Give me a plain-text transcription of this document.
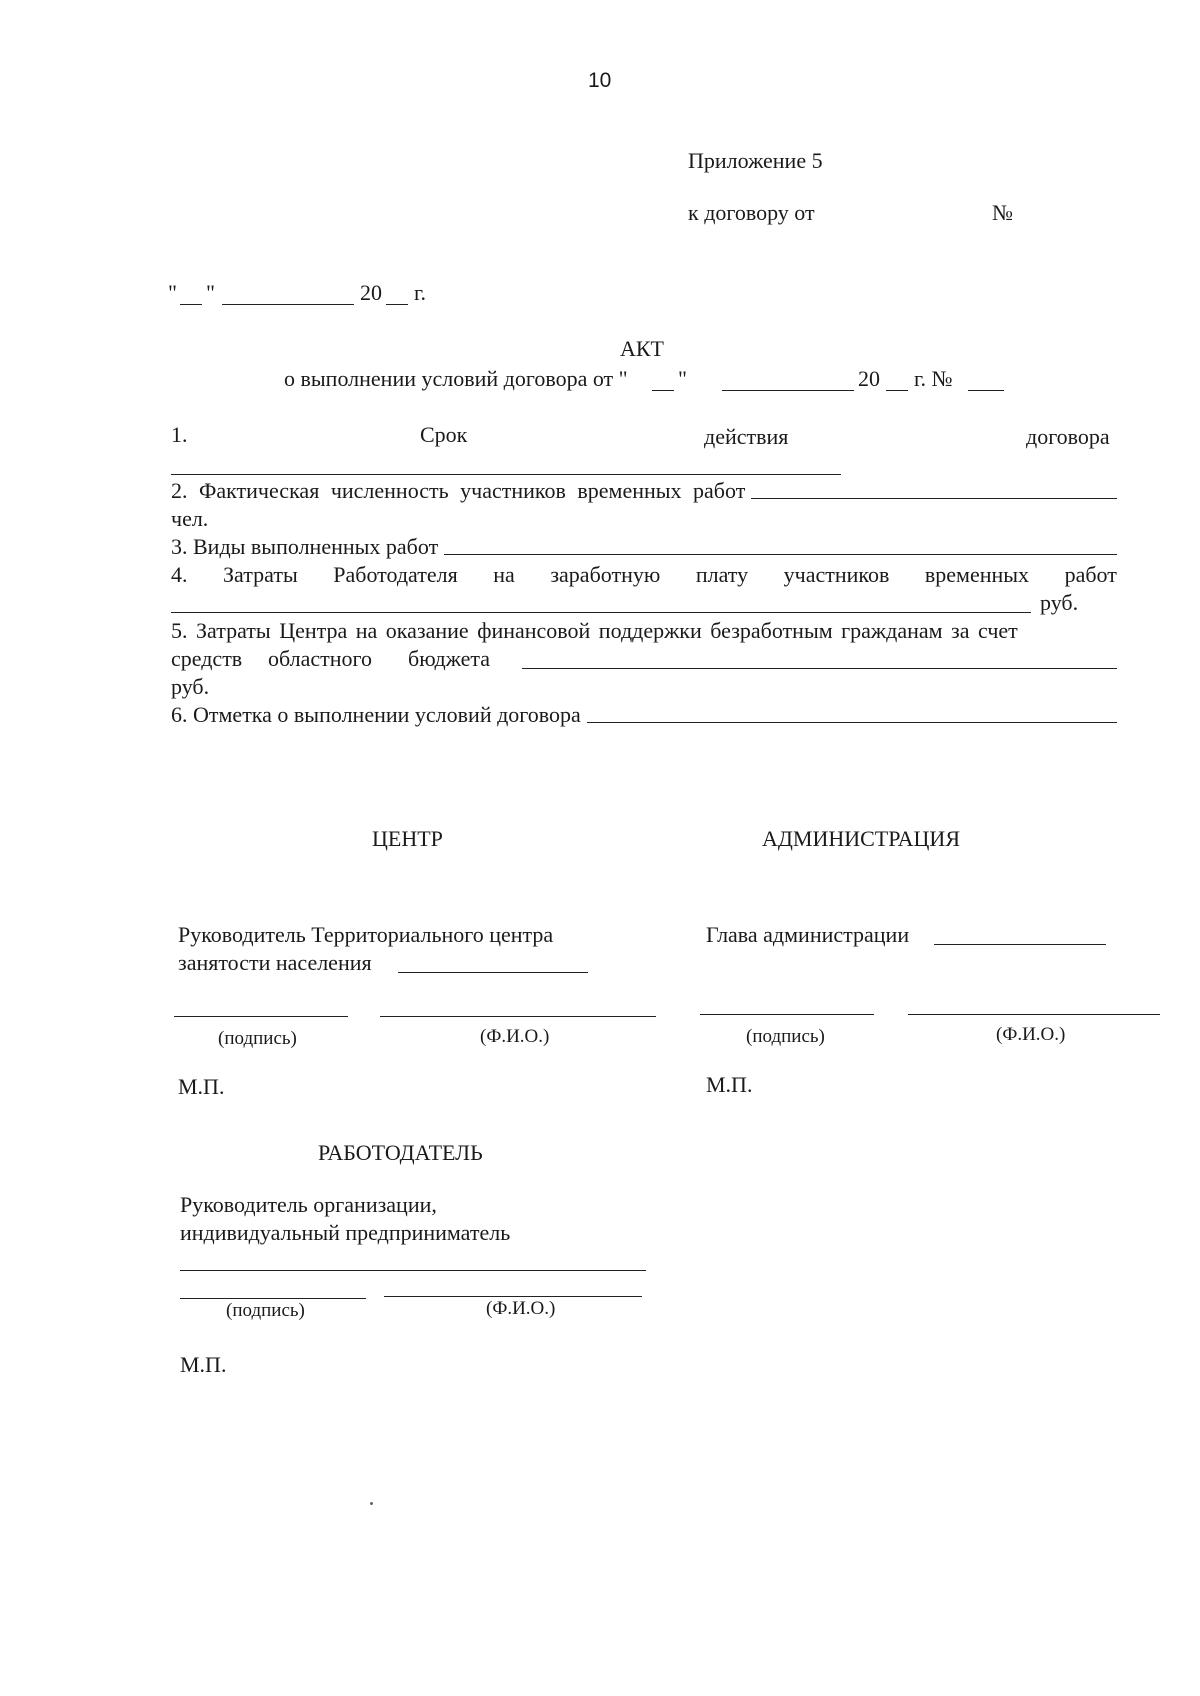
10
Приложение 5
к договору от	№
" "	20 г.
АКТ
о выполнении условий договора от " "	20 г. №
1.	Срок	действия	договора
2. Фактическая численность участников временных работ
чел.
3. Виды выполненных работ
4. Затраты Работодателя на заработную плату участников временных работ
руб.
5. Затраты Центра на оказание финансовой поддержки безработным гражданам за счет
средств областного бюджета
руб.
6. Отметка о выполнении условий договора
ЦЕНТР	АДМИНИСТРАЦИЯ
Руководитель Территориального центра
занятости населения
(подпись)	(Ф.И.О.)
М.П.
Глава администрации
(подпись)	(Ф.И.О.)
М.П.
РАБОТОДАТЕЛЬ
Руководитель организации,
индивидуальный предприниматель
(подпись)	(Ф.И.О.)
М.П.
